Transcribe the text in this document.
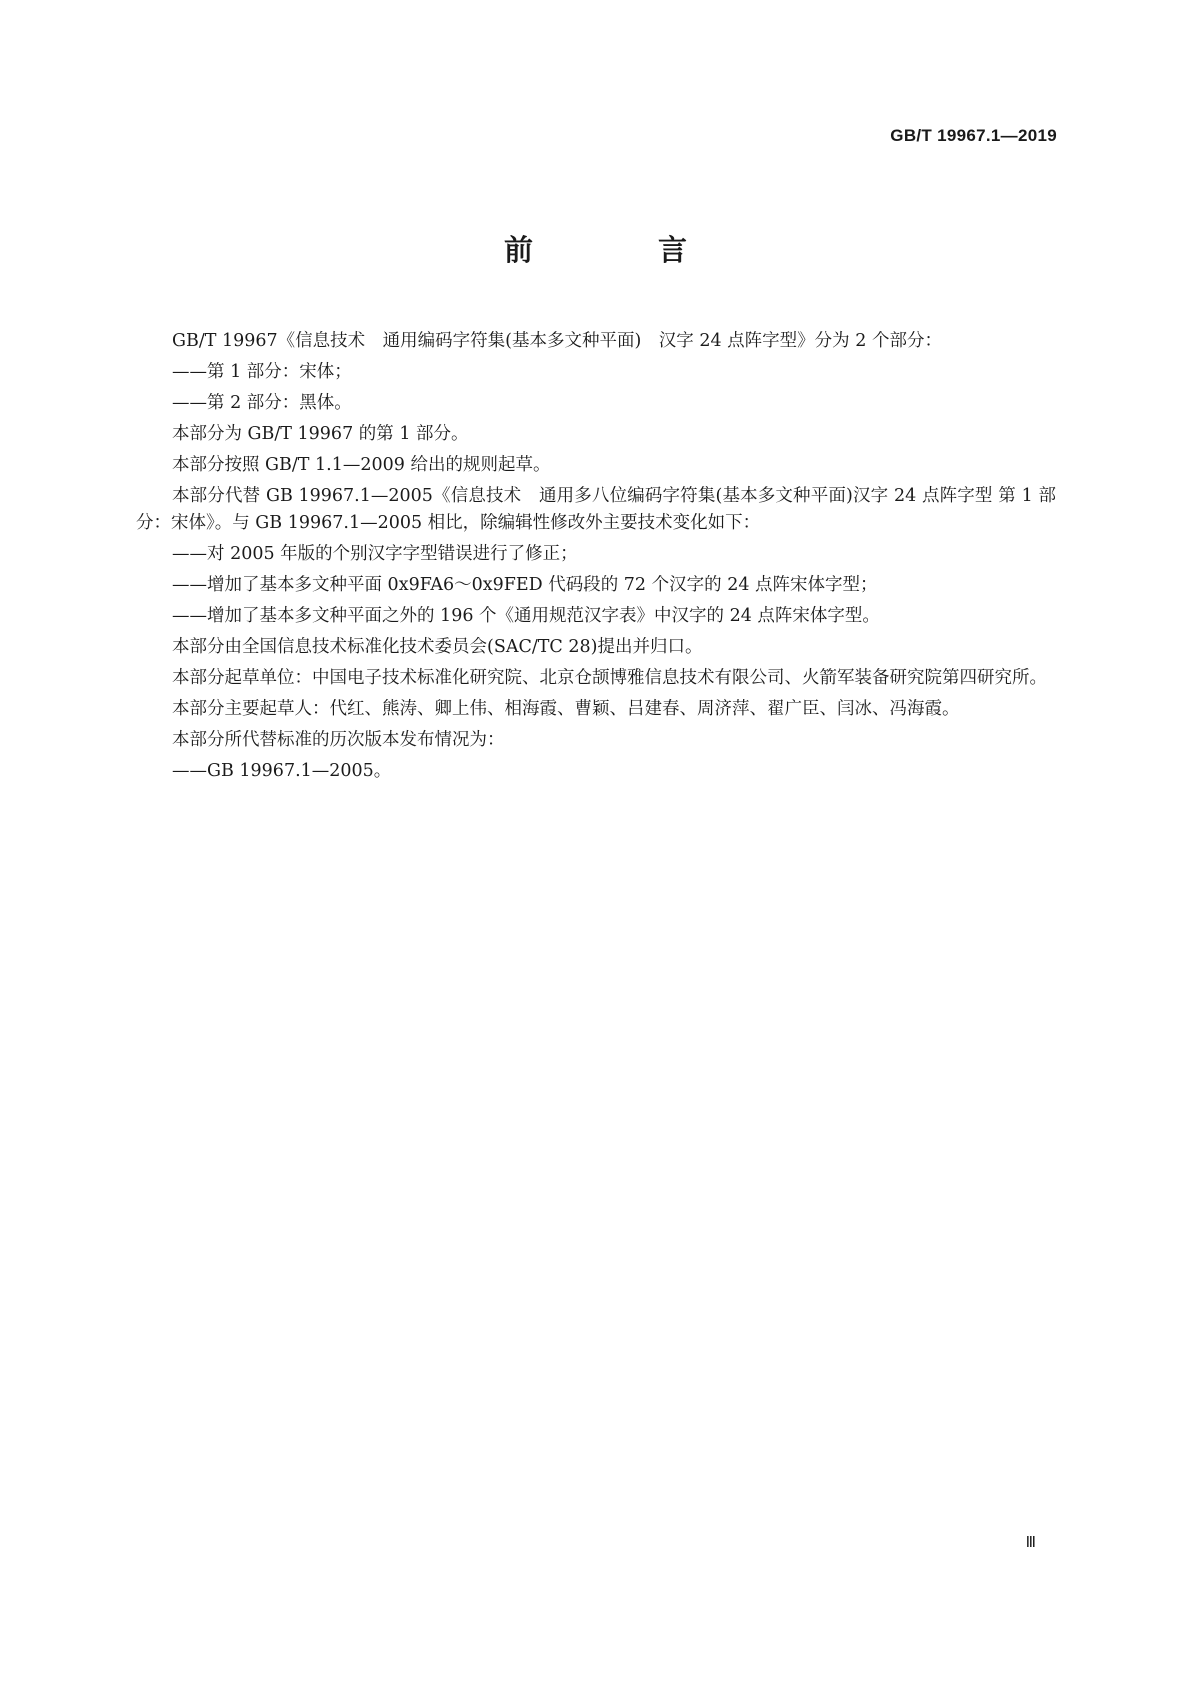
GB/T 19967.1—2019
前　言

GB/T 19967《信息技术　通用编码字符集(基本多文种平面)　汉字 24 点阵字型》分为 2 个部分：

——第 1 部分：宋体；

——第 2 部分：黑体。

本部分为 GB/T 19967 的第 1 部分。

本部分按照 GB/T 1.1—2009 给出的规则起草。

本部分代替 GB 19967.1—2005《信息技术　通用多八位编码字符集(基本多文种平面)汉字 24 点阵字型 第 1 部分：宋体》。与 GB 19967.1—2005 相比，除编辑性修改外主要技术变化如下：

——对 2005 年版的个别汉字字型错误进行了修正；

——增加了基本多文种平面 0x9FA6～0x9FED 代码段的 72 个汉字的 24 点阵宋体字型；

——增加了基本多文种平面之外的 196 个《通用规范汉字表》中汉字的 24 点阵宋体字型。

本部分由全国信息技术标准化技术委员会(SAC/TC 28)提出并归口。

本部分起草单位：中国电子技术标准化研究院、北京仓颉博雅信息技术有限公司、火箭军装备研究院第四研究所。

本部分主要起草人：代红、熊涛、卿上伟、相海霞、曹颖、吕建春、周济萍、翟广臣、闫冰、冯海霞。

本部分所代替标准的历次版本发布情况为：

——GB 19967.1—2005。

Ⅲ
